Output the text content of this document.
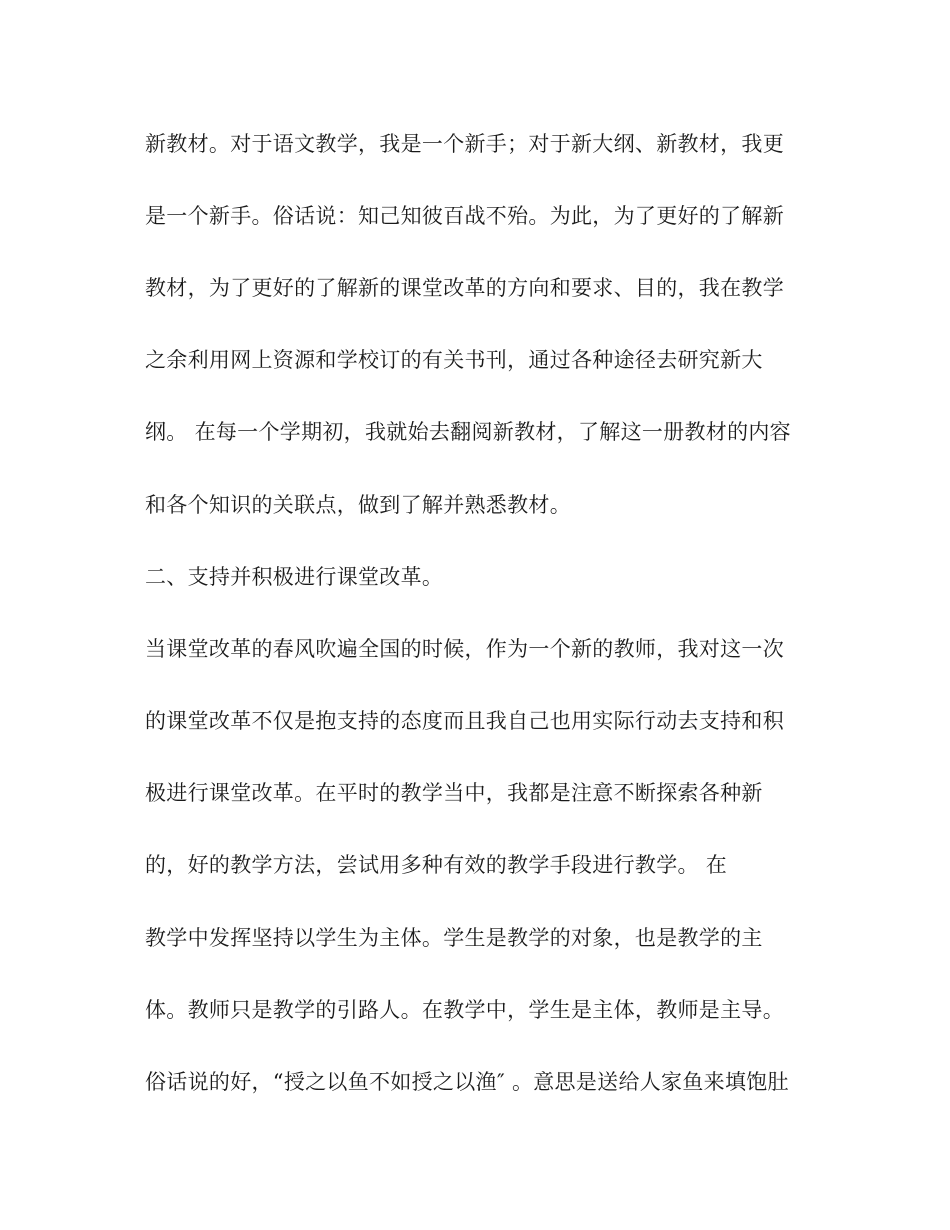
新教材。对于语文教学，我是一个新手；对于新大纲、新教材，我更
是一个新手。俗话说：知己知彼百战不殆。为此，为了更好的了解新
教材，为了更好的了解新的课堂改革的方向和要求、目的，我在教学
之余利用网上资源和学校订的有关书刊，通过各种途径去研究新大
纲。 在每一个学期初，我就始去翻阅新教材，了解这一册教材的内容
和各个知识的关联点，做到了解并熟悉教材。
二、支持并积极进行课堂改革。
当课堂改革的春风吹遍全国的时候，作为一个新的教师，我对这一次
的课堂改革不仅是抱支持的态度而且我自己也用实际行动去支持和积
极进行课堂改革。在平时的教学当中，我都是注意不断探索各种新
的，好的教学方法，尝试用多种有效的教学手段进行教学。 在
教学中发挥坚持以学生为主体。学生是教学的对象，也是教学的主
体。教师只是教学的引路人。在教学中，学生是主体，教师是主导。
俗话说的好，“授之以鱼不如授之以渔″ 。意思是送给人家鱼来填饱肚
